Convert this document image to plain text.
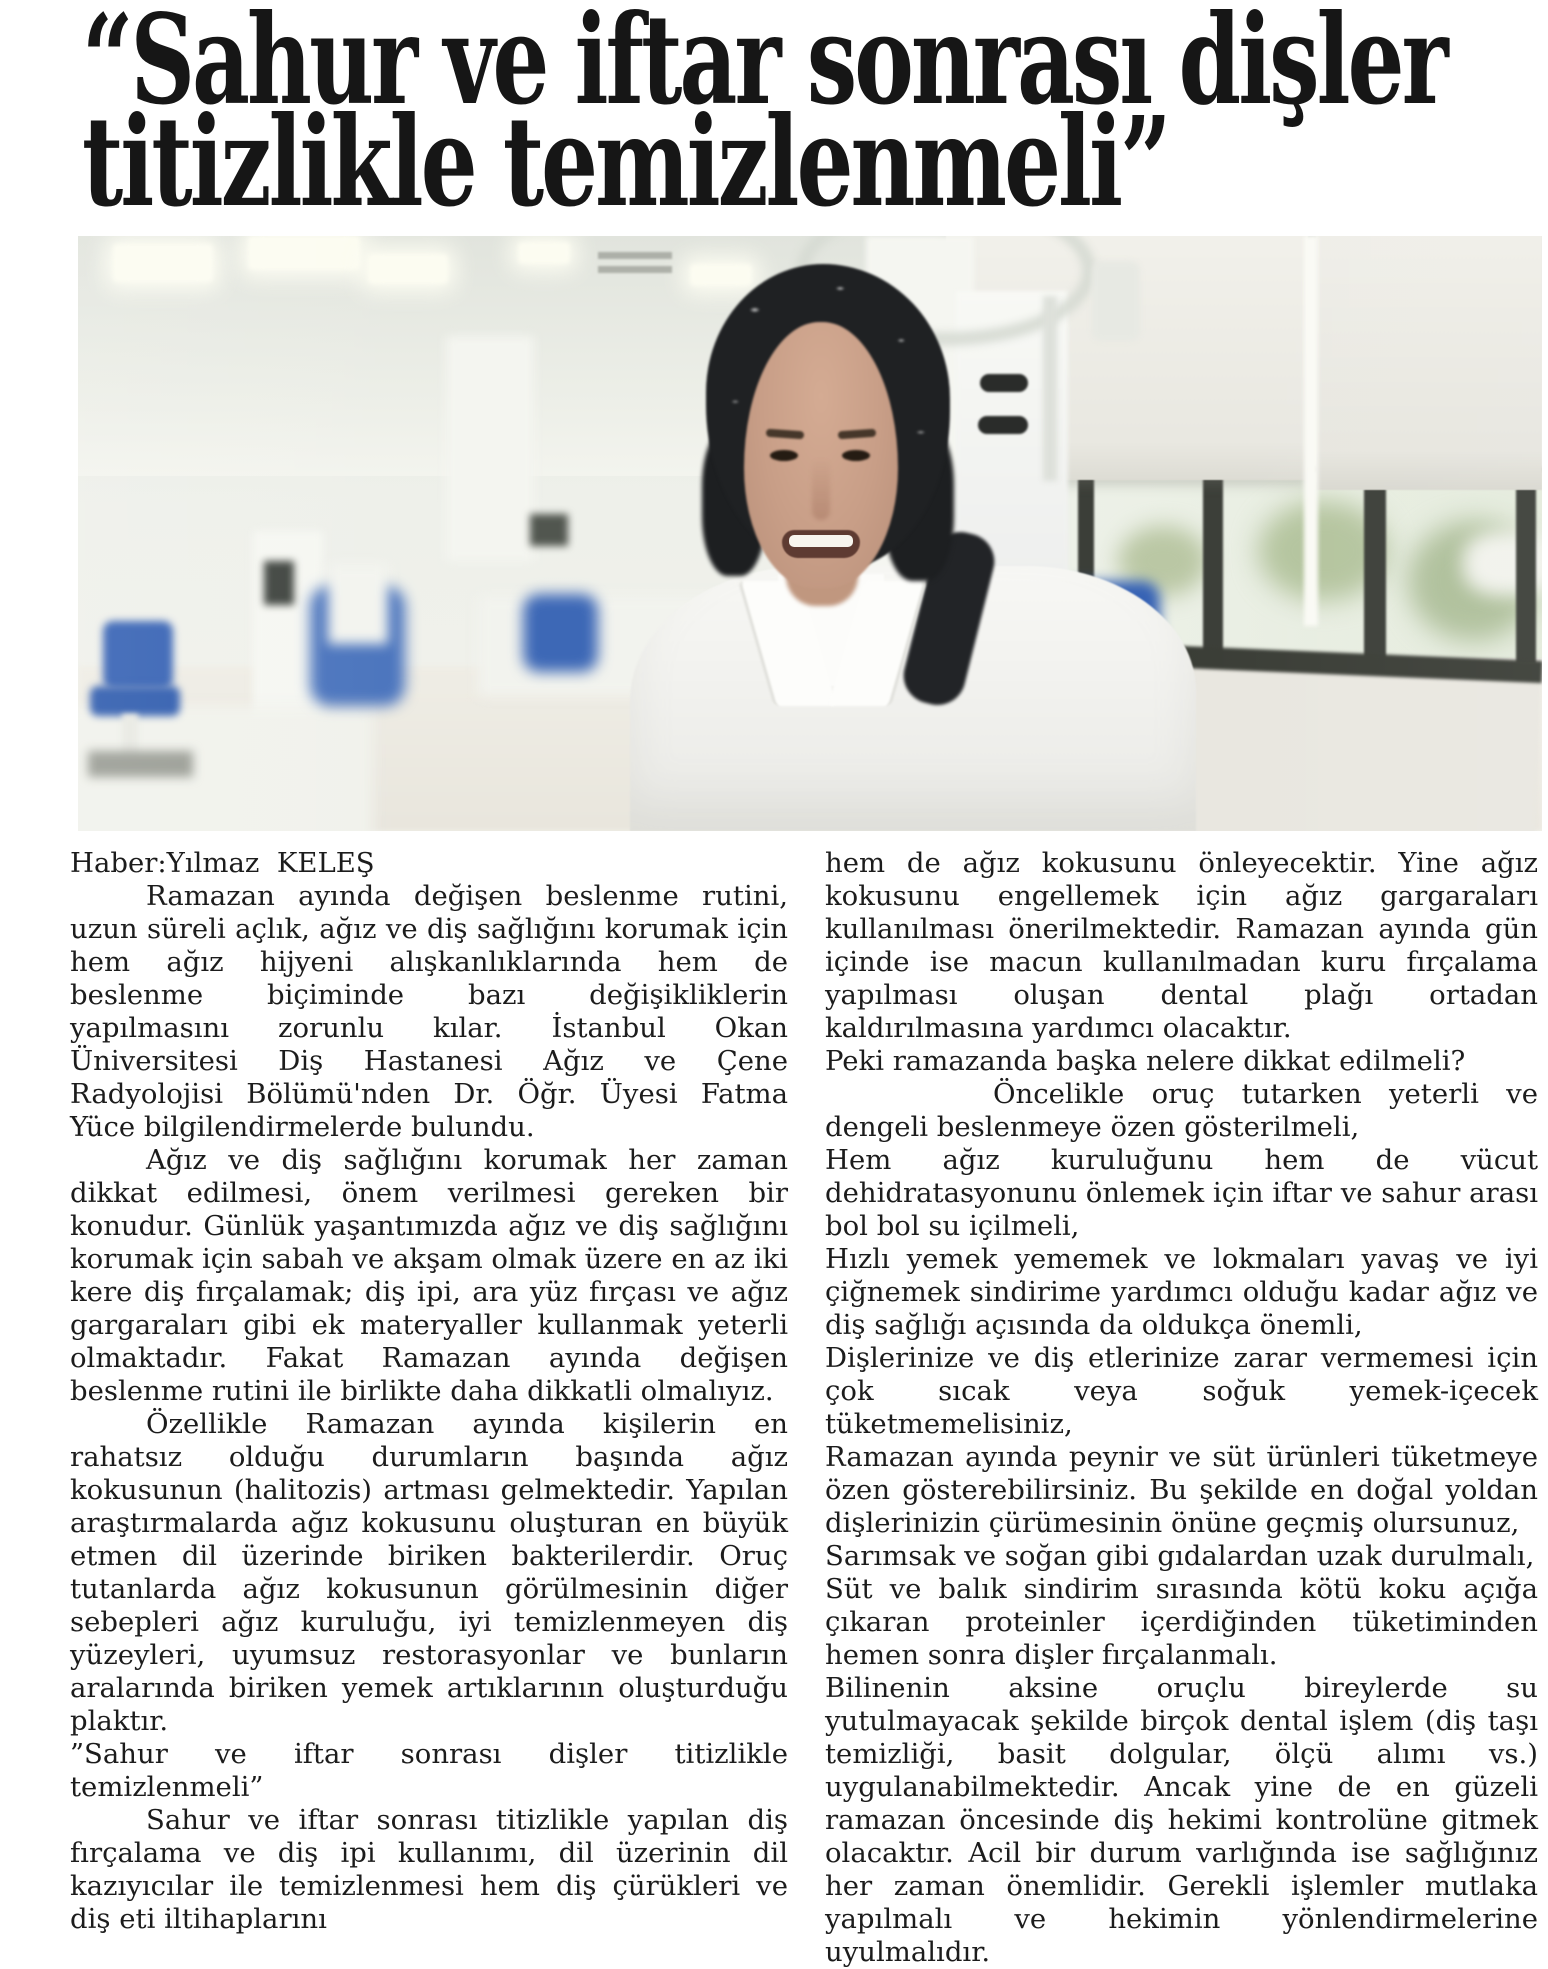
“Sahur ve iftar sonrası dişler
titizlikle temizlenmeli”

Haber:Yılmaz  KELEŞ

Ramazan ayında değişen beslenme rutini, uzun süreli açlık, ağız ve diş sağlığını korumak için hem ağız hijyeni alışkanlıklarında hem de beslenme biçiminde bazı değişikliklerin yapılmasını zorunlu kılar. İstanbul Okan Üniversitesi Diş Hastanesi Ağız ve Çene Radyolojisi Bölümü'nden Dr. Öğr. Üyesi Fatma Yüce bilgilendirmelerde bulundu.

Ağız ve diş sağlığını korumak her zaman dikkat edilmesi, önem verilmesi gereken bir konudur. Günlük yaşantımızda ağız ve diş sağlığını korumak için sabah ve akşam olmak üzere en az iki kere diş fırçalamak; diş ipi, ara yüz fırçası ve ağız gargaraları gibi ek materyaller kullanmak yeterli olmaktadır. Fakat Ramazan ayında değişen beslenme rutini ile birlikte daha dikkatli olmalıyız.

Özellikle Ramazan ayında kişilerin en rahatsız olduğu durumların başında ağız kokusunun (halitozis) artması gelmektedir. Yapılan araştırmalarda ağız kokusunu oluşturan en büyük etmen dil üzerinde biriken bakterilerdir. Oruç tutanlarda ağız kokusunun görülmesinin diğer sebepleri ağız kuruluğu, iyi temizlenmeyen diş yüzeyleri, uyumsuz restorasyonlar ve bunların aralarında biriken yemek artıklarının oluşturduğu plaktır.

”Sahur ve iftar sonrası dişler titizlikle temizlenmeli”

Sahur ve iftar sonrası titizlikle yapılan diş fırçalama ve diş ipi kullanımı, dil üzerinin dil kazıyıcılar ile temizlenmesi hem diş çürükleri ve diş eti iltihaplarını

hem de ağız kokusunu önleyecektir. Yine ağız kokusunu engellemek için ağız gargaraları kullanılması önerilmektedir. Ramazan ayında gün içinde ise macun kullanılmadan kuru fırçalama yapılması oluşan dental plağı ortadan kaldırılmasına yardımcı olacaktır.

Peki ramazanda başka nelere dikkat edilmeli?

Öncelikle oruç tutarken yeterli ve dengeli beslenmeye özen gösterilmeli,

Hem ağız kuruluğunu hem de vücut dehidratasyonunu önlemek için iftar ve sahur arası bol bol su içilmeli,

Hızlı yemek yememek ve lokmaları yavaş ve iyi çiğnemek sindirime yardımcı olduğu kadar ağız ve diş sağlığı açısında da oldukça önemli,

Dişlerinize ve diş etlerinize zarar vermemesi için çok sıcak veya soğuk yemek-içecek tüketmemelisiniz,

Ramazan ayında peynir ve süt ürünleri tüketmeye özen gösterebilirsiniz. Bu şekilde en doğal yoldan dişlerinizin çürümesinin önüne geçmiş olursunuz,

Sarımsak ve soğan gibi gıdalardan uzak durulmalı,

Süt ve balık sindirim sırasında kötü koku açığa çıkaran proteinler içerdiğinden tüketiminden hemen sonra dişler fırçalanmalı.

Bilinenin aksine oruçlu bireylerde su yutulmayacak şekilde birçok dental işlem (diş taşı temizliği, basit dolgular, ölçü alımı vs.) uygulanabilmektedir. Ancak yine de en güzeli ramazan öncesinde diş hekimi kontrolüne gitmek olacaktır. Acil bir durum varlığında ise sağlığınız her zaman önemlidir. Gerekli işlemler mutlaka yapılmalı ve hekimin yönlendirmelerine uyulmalıdır.
